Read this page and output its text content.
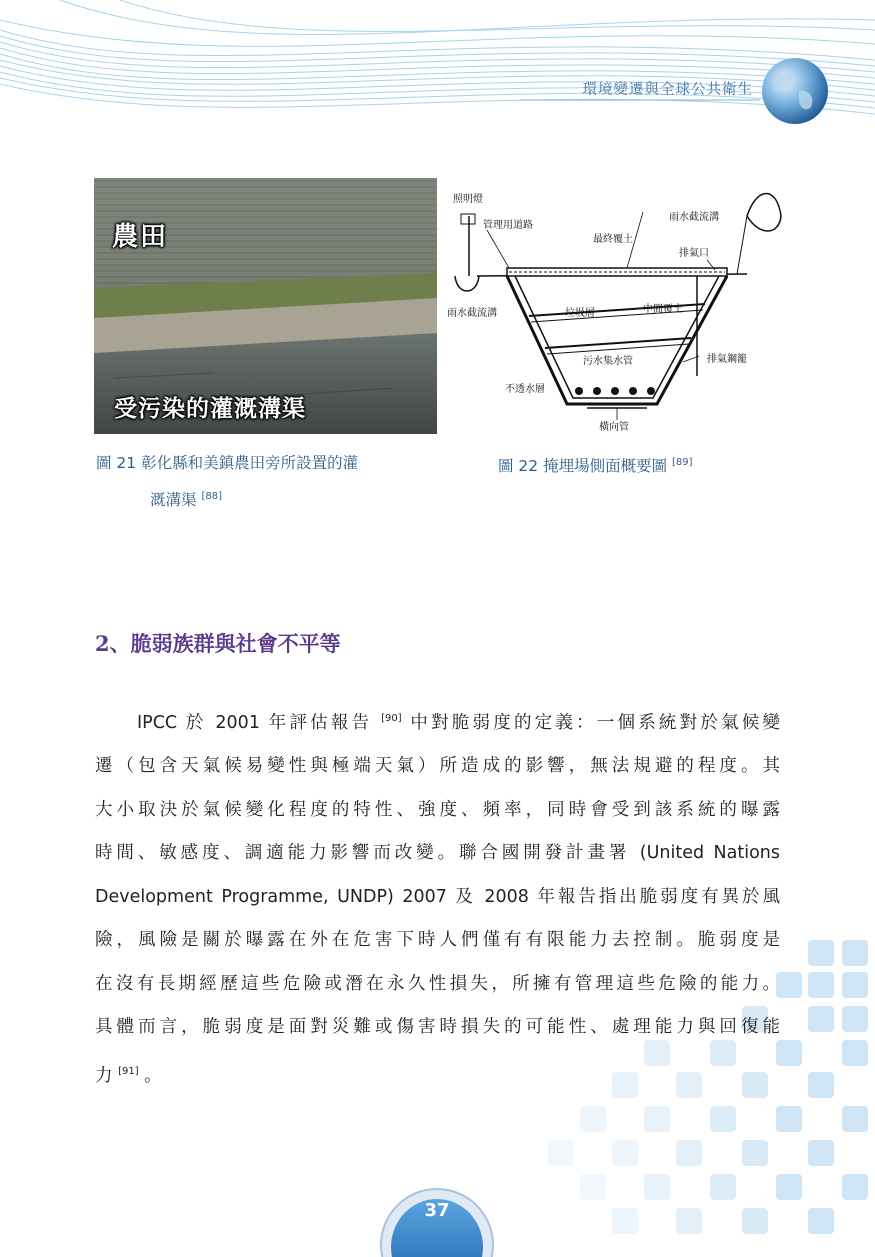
環境變遷與全球公共衛生
農田
受污染的灌溉溝渠
照明燈
管理用道路
最終覆土
雨水截流溝
排氣口
雨水截流溝	垃圾層	中間覆土
污水集水管	排氣鋼籠
不透水層
橫向管
圖 21 彰化縣和美鎮農田旁所設置的灌
溉溝渠 [88]
圖 22 掩埋場側面概要圖 [89]
2、脆弱族群與社會不平等
IPCC 於 2001 年評估報告 [90] 中對脆弱度的定義：一個系統對於氣候變
遷（包含天氣候易變性與極端天氣）所造成的影響，無法規避的程度。其
大小取決於氣候變化程度的特性、強度、頻率，同時會受到該系統的曝露
時間、敏感度、調適能力影響而改變。聯合國開發計畫署 (United Nations
Development Programme, UNDP) 2007 及 2008 年報告指出脆弱度有異於風
險，風險是關於曝露在外在危害下時人們僅有有限能力去控制。脆弱度是
在沒有長期經歷這些危險或潛在永久性損失，所擁有管理這些危險的能力。
具體而言，脆弱度是面對災難或傷害時損失的可能性、處理能力與回復能
力 [91] 。
37
